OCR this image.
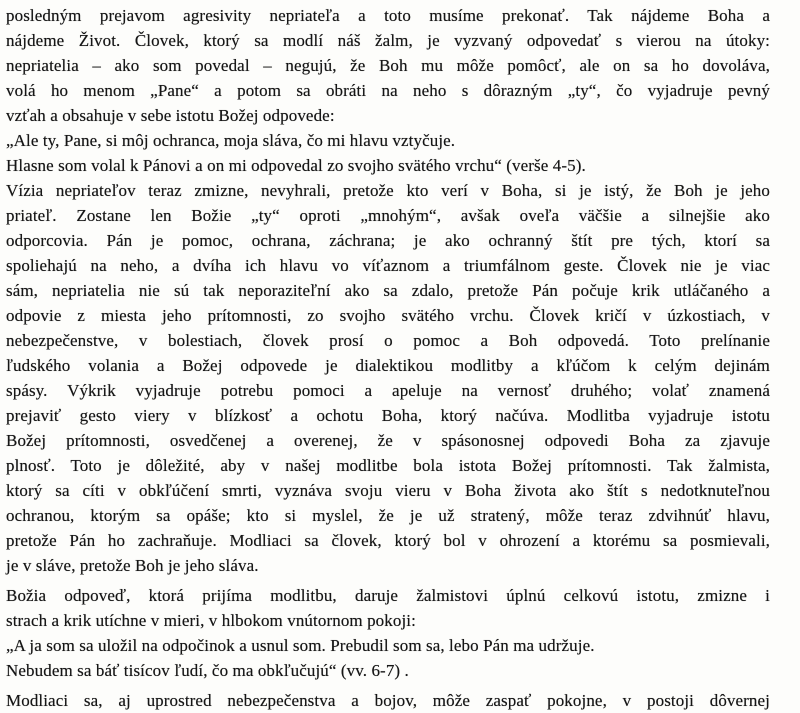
posledným prejavom agresivity nepriateľa a toto musíme prekonať. Tak nájdeme Boha a
nájdeme Život. Človek, ktorý sa modlí náš žalm, je vyzvaný odpovedať s vierou na útoky:
nepriatelia – ako som povedal – negujú, že Boh mu môže pomôcť, ale on sa ho dovoláva,
volá ho menom „Pane“ a potom sa obráti na neho s dôrazným „ty“, čo vyjadruje pevný
vzťah a obsahuje v sebe istotu Božej odpovede:
„Ale ty, Pane, si môj ochranca, moja sláva, čo mi hlavu vztyčuje.
Hlasne som volal k Pánovi a on mi odpovedal zo svojho svätého vrchu“ (verše 4-5).
Vízia nepriateľov teraz zmizne, nevyhrali, pretože kto verí v Boha, si je istý, že Boh je jeho
priateľ. Zostane len Božie „ty“ oproti „mnohým“, avšak oveľa väčšie a silnejšie ako
odporcovia. Pán je pomoc, ochrana, záchrana; je ako ochranný štít pre tých, ktorí sa
spoliehajú na neho, a dvíha ich hlavu vo víťaznom a triumfálnom geste. Človek nie je viac
sám, nepriatelia nie sú tak neporaziteľní ako sa zdalo, pretože Pán počuje krik utláčaného a
odpovie z miesta jeho prítomnosti, zo svojho svätého vrchu. Človek kričí v úzkostiach, v
nebezpečenstve, v bolestiach, človek prosí o pomoc a Boh odpovedá. Toto prelínanie
ľudského volania a Božej odpovede je dialektikou modlitby a kľúčom k celým dejinám
spásy. Výkrik vyjadruje potrebu pomoci a apeluje na vernosť druhého; volať znamená
prejaviť gesto viery v blízkosť a ochotu Boha, ktorý načúva. Modlitba vyjadruje istotu
Božej prítomnosti, osvedčenej a overenej, že v spásonosnej odpovedi Boha za zjavuje
plnosť. Toto je dôležité, aby v našej modlitbe bola istota Božej prítomnosti. Tak žalmista,
ktorý sa cíti v obkľúčení smrti, vyznáva svoju vieru v Boha života ako štít s nedotknuteľnou
ochranou, ktorým sa opáše; kto si myslel, že je už stratený, môže teraz zdvihnúť hlavu,
pretože Pán ho zachraňuje. Modliaci sa človek, ktorý bol v ohrození a ktorému sa posmievali,
je v sláve, pretože Boh je jeho sláva.
Božia odpoveď, ktorá prijíma modlitbu, daruje žalmistovi úplnú celkovú istotu, zmizne i
strach a krik utíchne v mieri, v hlbokom vnútornom pokoji:
„A ja som sa uložil na odpočinok a usnul som. Prebudil som sa, lebo Pán ma udržuje.
Nebudem sa báť tisícov ľudí, čo ma obkľučujú“ (vv. 6-7) .
Modliaci sa, aj uprostred nebezpečenstva a bojov, môže zaspať pokojne, v postoji dôvernej
